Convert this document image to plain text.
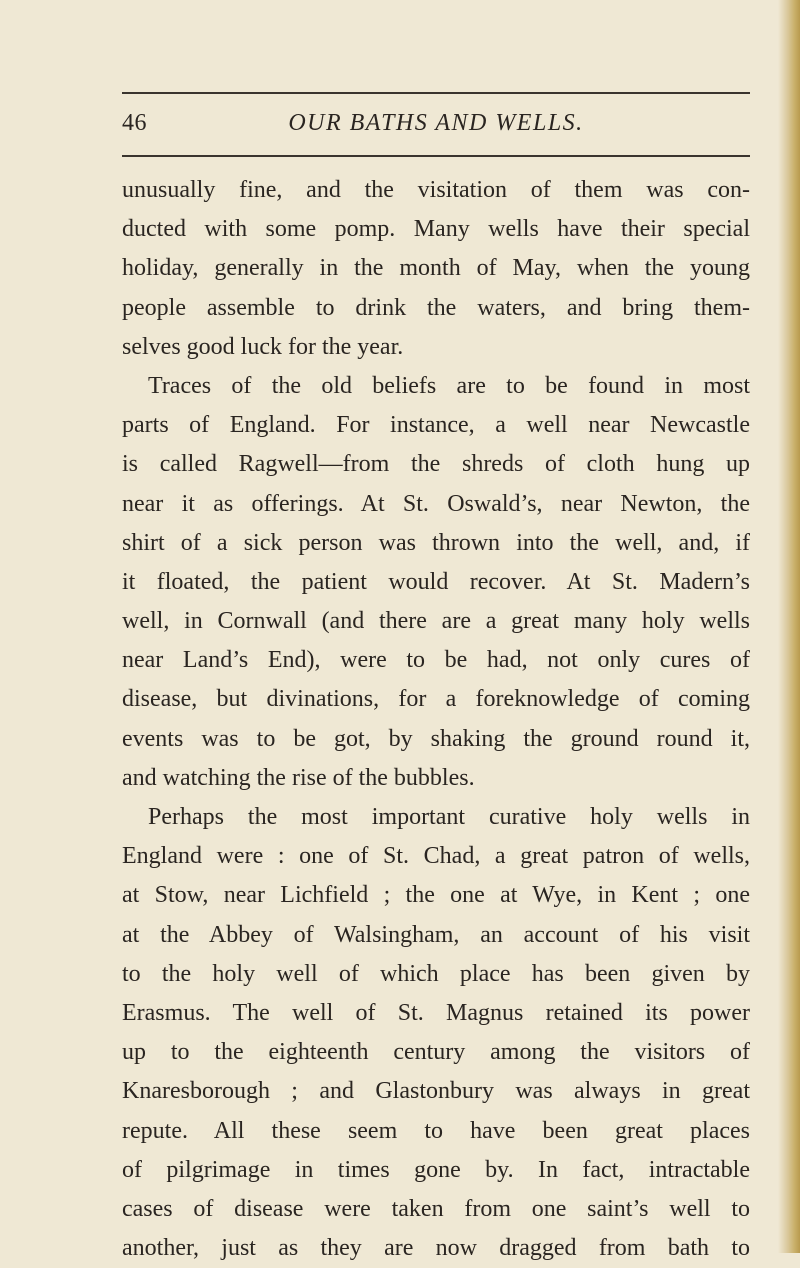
46	OUR BATHS AND WELLS.
unusually fine, and the visitation of them was con-
ducted with some pomp. Many wells have their special
holiday, generally in the month of May, when the young
people assemble to drink the waters, and bring them-
selves good luck for the year.
Traces of the old beliefs are to be found in most
parts of England. For instance, a well near Newcastle
is called Ragwell—from the shreds of cloth hung up
near it as offerings. At St. Oswald’s, near Newton, the
shirt of a sick person was thrown into the well, and, if
it floated, the patient would recover. At St. Madern’s
well, in Cornwall (and there are a great many holy wells
near Land’s End), were to be had, not only cures of
disease, but divinations, for a foreknowledge of coming
events was to be got, by shaking the ground round it,
and watching the rise of the bubbles.
Perhaps the most important curative holy wells in
England were : one of St. Chad, a great patron of wells,
at Stow, near Lichfield ; the one at Wye, in Kent ; one
at the Abbey of Walsingham, an account of his visit
to the holy well of which place has been given by
Erasmus. The well of St. Magnus retained its power
up to the eighteenth century among the visitors of
Knaresborough ; and Glastonbury was always in great
repute. All these seem to have been great places
of pilgrimage in times gone by. In fact, intractable
cases of disease were taken from one saint’s well to
another, just as they are now dragged from bath to
